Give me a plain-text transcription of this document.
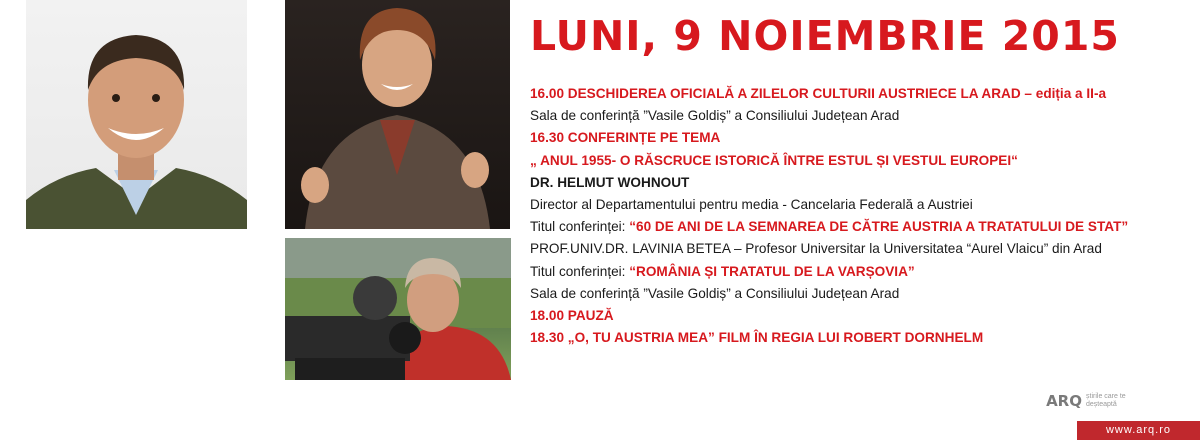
LUNI, 9 NOIEMBRIE 2015
16.00 DESCHIDEREA OFICIALĂ A ZILELOR CULTURII AUSTRIECE LA ARAD – ediția a II-a
Sala de conferință ”Vasile Goldiș” a Consiliului Județean Arad
16.30 CONFERINȚE PE TEMA
„ ANUL 1955- O RĂSCRUCE ISTORICĂ ÎNTRE ESTUL ȘI VESTUL EUROPEI“
DR. HELMUT WOHNOUT
Director al Departamentului pentru media - Cancelaria Federală a Austriei
Titul conferinței: “60 DE ANI DE LA SEMNAREA DE CĂTRE AUSTRIA A TRATATULUI DE STAT”
PROF.UNIV.DR. LAVINIA BETEA – Profesor Universitar la Universitatea “Aurel Vlaicu” din Arad
Titul conferinței: “ROMÂNIA ȘI TRATATUL DE LA VARȘOVIA”
Sala de conferință ”Vasile Goldiș” a Consiliului Județean Arad
18.00 PAUZĂ
18.30 „O, TU AUSTRIA MEA” FILM ÎN REGIA LUI ROBERT DORNHELM
ARQ știrile care te deșteaptă
www.arq.ro
